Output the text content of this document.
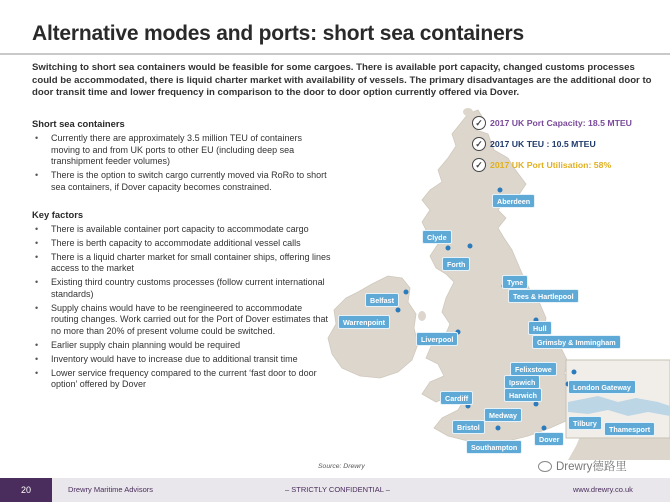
Alternative modes and ports: short sea containers
Switching to short sea containers would be feasible for some cargoes. There is available port capacity, changed customs processes could be accommodated, there is liquid charter market with availability of vessels. The primary disadvantages are the additional door to door transit time and lower frequency in comparison to the door to door option currently offered via Dover.
Short sea containers
• Currently there are approximately 3.5 million TEU of containers moving to and from UK ports to other EU (including deep sea transhipment feeder volumes)
• There is the option to switch cargo currently moved via RoRo to short sea containers, if Dover capacity becomes constrained.
Key factors
• There is available container port capacity to accommodate cargo
• There is berth capacity to accommodate additional vessel calls
• There is a liquid charter market for small container ships, offering lines access to the market
• Existing third country customs processes (follow current international standards)
• Supply chains would have to be reengineered to accommodate routing changes. Work carried out for the Port of Dover estimates that no more than 20% of present volume could be switched.
• Earlier supply chain planning would be required
• Inventory would have to increase due to additional transit time
• Lower service frequency compared to the current ‘fast door to door option’ offered by Dover
Aberdeen
Clyde
Forth
Tyne
Tees & Hartlepool
Belfast
Warrenpoint
Liverpool
Hull
Grimsby & Immingham
Felixstowe
Ipswich
Harwich
London Gateway
Cardiff
Medway
Tilbury
Thamesport
Bristol
Dover
Southampton
✓ 2017 UK Port Capacity: 18.5 MTEU
✓ 2017 UK TEU : 10.5 MTEU
✓ 2017 UK Port Utilisation: 58%
Source: Drewry	Drewry德路里
20	Drewry Maritime Advisors	– STRICTLY CONFIDENTIAL –	www.drewry.co.uk
